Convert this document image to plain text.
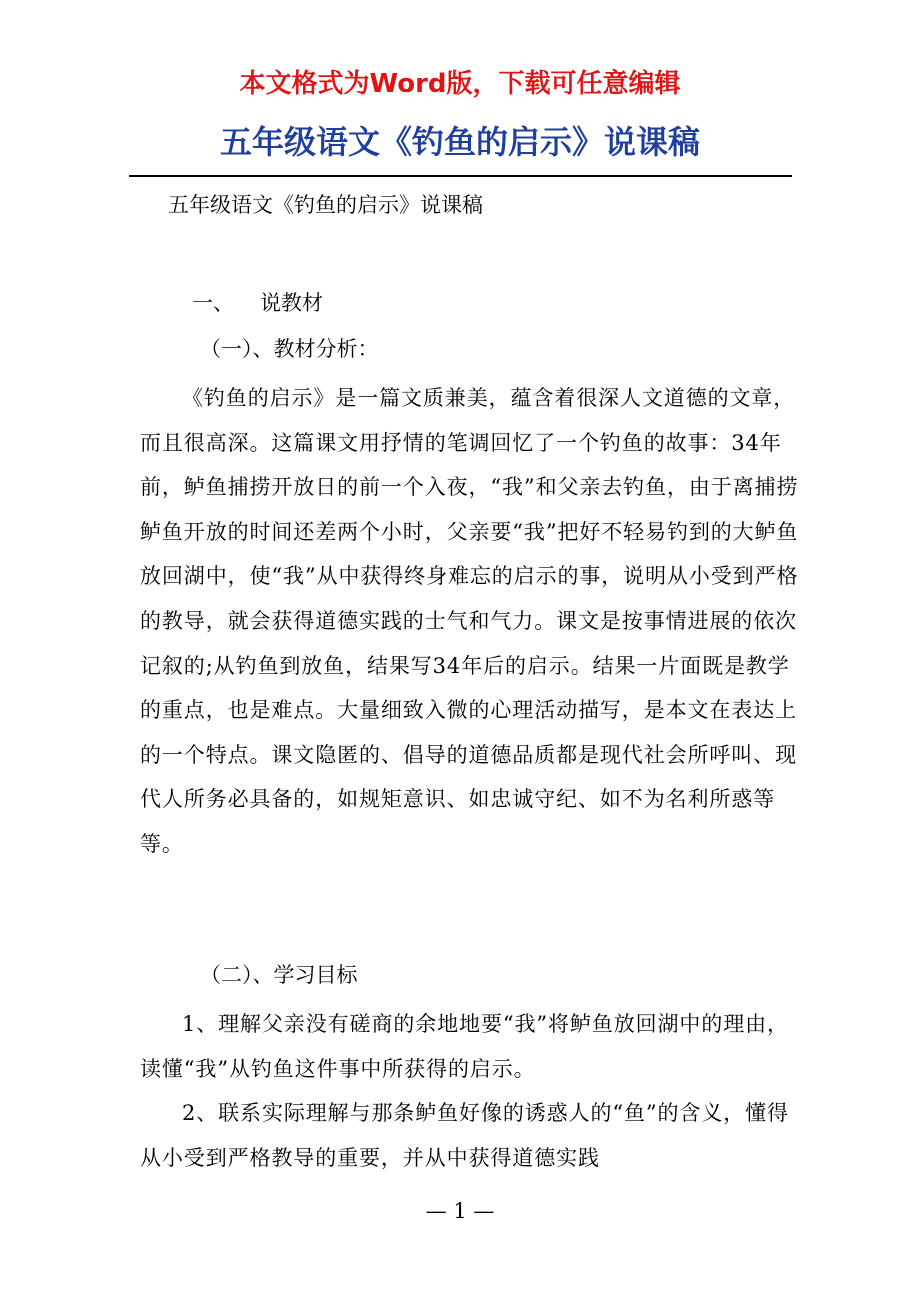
本文格式为Word版，下载可任意编辑
五年级语文《钓鱼的启示》说课稿
五年级语文《钓鱼的启示》说课稿
一、 说教材
（一）、教材分析：

《钓鱼的启示》是一篇文质兼美，蕴含着很深人文道德的文章，而且很高深。这篇课文用抒情的笔调回忆了一个钓鱼的故事：34年前，鲈鱼捕捞开放日的前一个入夜，“我”和父亲去钓鱼，由于离捕捞鲈鱼开放的时间还差两个小时，父亲要“我”把好不轻易钓到的大鲈鱼放回湖中，使“我”从中获得终身难忘的启示的事，说明从小受到严格的教导，就会获得道德实践的士气和气力。课文是按事情进展的依次记叙的;从钓鱼到放鱼，结果写34年后的启示。结果一片面既是教学的重点，也是难点。大量细致入微的心理活动描写，是本文在表达上的一个特点。课文隐匿的、倡导的道德品质都是现代社会所呼叫、现代人所务必具备的，如规矩意识、如忠诚守纪、如不为名利所惑等等。

（二）、学习目标

1、理解父亲没有磋商的余地地要“我”将鲈鱼放回湖中的理由，读懂“我”从钓鱼这件事中所获得的启示。

2、联系实际理解与那条鲈鱼好像的诱惑人的“鱼”的含义，懂得从小受到严格教导的重要，并从中获得道德实践

— 1 —
